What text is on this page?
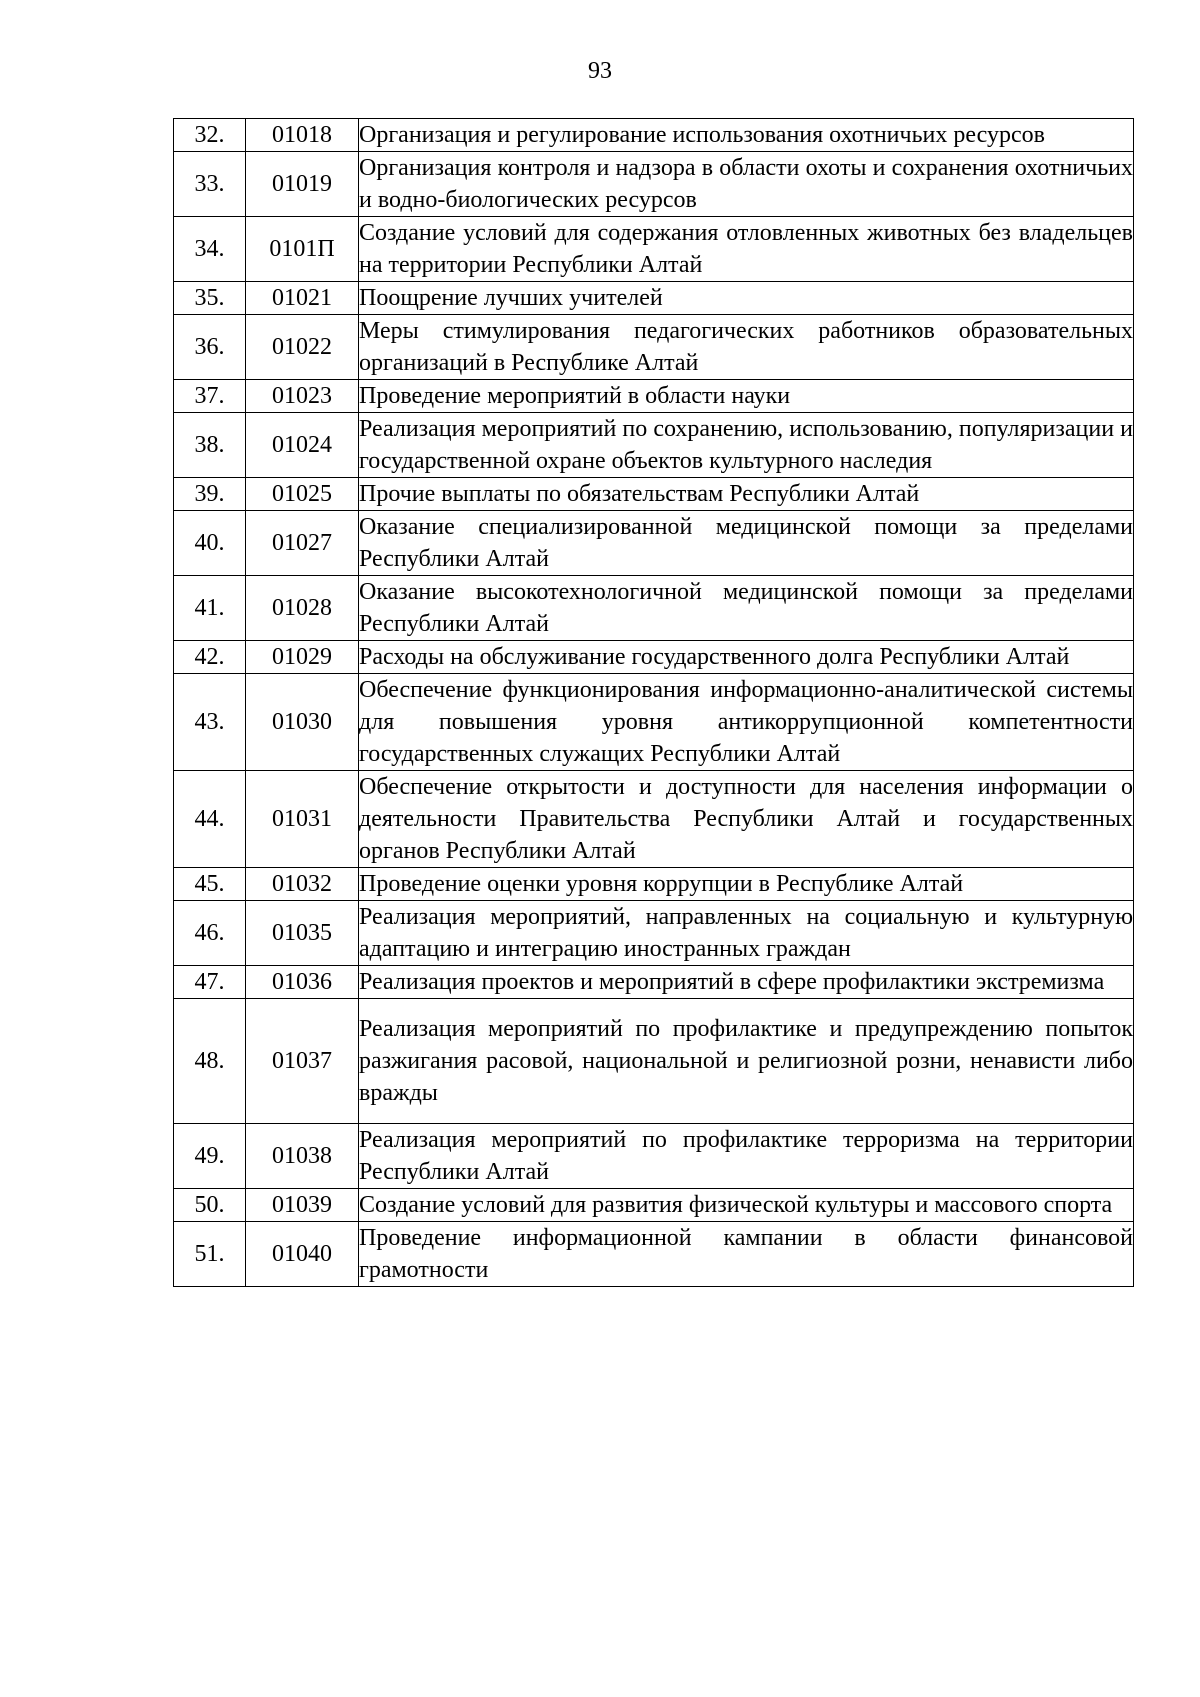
93
32.	01018	Организация и регулирование использования охотничьих ресурсов
33.	01019	Организация контроля и надзора в области охоты и сохранения охотничьих и водно-биологических ресурсов
34.	0101П	Создание условий для содержания отловленных животных без владельцев на территории Республики Алтай
35.	01021	Поощрение лучших учителей
36.	01022	Меры стимулирования педагогических работников образовательных организаций в Республике Алтай
37.	01023	Проведение мероприятий в области науки
38.	01024	Реализация мероприятий по сохранению, использованию, популяризации и государственной охране объектов культурного наследия
39.	01025	Прочие выплаты по обязательствам Республики Алтай
40.	01027	Оказание специализированной медицинской помощи за пределами Республики Алтай
41.	01028	Оказание высокотехнологичной медицинской помощи за пределами Республики Алтай
42.	01029	Расходы на обслуживание государственного долга Республики Алтай
43.	01030	Обеспечение функционирования информационно-аналитической системы для повышения уровня антикоррупционной компетентности государственных служащих Республики Алтай
44.	01031	Обеспечение открытости и доступности для населения информации о деятельности Правительства Республики Алтай и государственных органов Республики Алтай
45.	01032	Проведение оценки уровня коррупции в Республике Алтай
46.	01035	Реализация мероприятий, направленных на социальную и культурную адаптацию и интеграцию иностранных граждан
47.	01036	Реализация проектов и мероприятий в сфере профилактики экстремизма
48.	01037	Реализация мероприятий по профилактике и предупреждению попыток разжигания расовой, национальной и религиозной розни, ненависти либо вражды
49.	01038	Реализация мероприятий по профилактике терроризма на территории Республики Алтай
50.	01039	Создание условий для развития физической культуры и массового спорта
51.	01040	Проведение информационной кампании в области финансовой грамотности
